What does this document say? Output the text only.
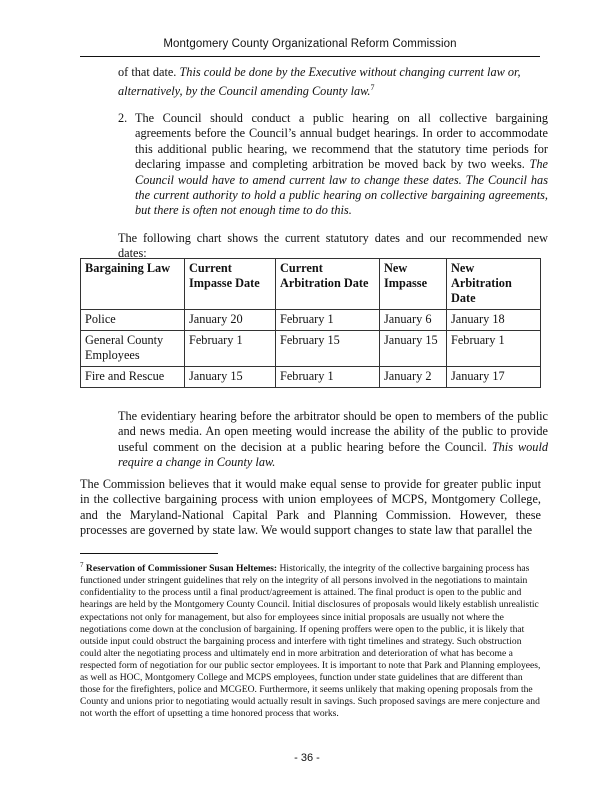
Montgomery County Organizational Reform Commission

of that date. This could be done by the Executive without changing current law or, alternatively, by the Council amending County law.$^7$

2. The Council should conduct a public hearing on all collective bargaining agreements before the Council’s annual budget hearings. In order to accommodate this additional public hearing, we recommend that the statutory time periods for declaring impasse and completing arbitration be moved back by two weeks. The Council would have to amend current law to change these dates. The Council has the current authority to hold a public hearing on collective bargaining agreements, but there is often not enough time to do this.

The following chart shows the current statutory dates and our recommended new dates:

Bargaining Law	Current Impasse Date	Current Arbitration Date	New Impasse	New Arbitration Date
Police	January 20	February 1	January 6	January 18
General County Employees	February 1	February 15	January 15	February 1
Fire and Rescue	January 15	February 1	January 2	January 17

The evidentiary hearing before the arbitrator should be open to members of the public and news media. An open meeting would increase the ability of the public to provide useful comment on the decision at a public hearing before the Council. This would require a change in County law.

The Commission believes that it would make equal sense to provide for greater public input in the collective bargaining process with union employees of MCPS, Montgomery College, and the Maryland-National Capital Park and Planning Commission. However, these processes are governed by state law. We would support changes to state law that parallel the

$^7$ Reservation of Commissioner Susan Heltemes: Historically, the integrity of the collective bargaining process has functioned under stringent guidelines that rely on the integrity of all persons involved in the negotiations to maintain confidentiality to the process until a final product/agreement is attained. The final product is open to the public and hearings are held by the Montgomery County Council. Initial disclosures of proposals would likely establish unrealistic expectations not only for management, but also for employees since initial proposals are usually not where the negotiations come down at the conclusion of bargaining. If opening proffers were open to the public, it is likely that outside input could obstruct the bargaining process and interfere with tight timelines and strategy. Such obstruction could alter the negotiating process and ultimately end in more arbitration and deterioration of what has become a respected form of negotiation for our public sector employees. It is important to note that Park and Planning employees, as well as HOC, Montgomery College and MCPS employees, function under state guidelines that are different than those for the firefighters, police and MCGEO. Furthermore, it seems unlikely that making opening proposals from the County and unions prior to negotiating would actually result in savings. Such proposed savings are mere conjecture and not worth the effort of upsetting a time honored process that works.

- 36 -
